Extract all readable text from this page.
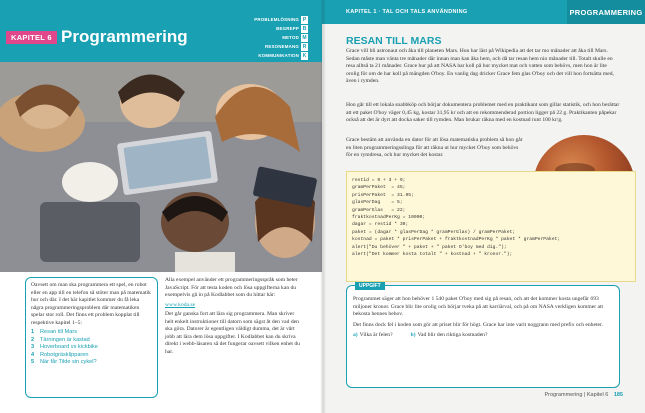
KAPITEL 6 Programmering
PROBLEMLÖSNING P
BEGREPP B
METOD M
RESONEMANG R
KOMMUNIKATION K
Oavsett om man ska programmera ett spel, en robot eller en app till en telefon så stöter man på matematik hur och där. I det här kapitlet kommer du få leka några programmeringsproblem där matematiken spelar stor roll. Det finns ett problem kopplat till respektive kapitel 1–5:
1 Resan till Mars
2 Tärningen är kastad
3 Hoverboard vs kickbike
4 Robotgräsklipparen
5 När får Tilde sin cykel?

Alla exempel använder ett programmeringsspråk som heter JavaScript. För att testa koden och lösa uppgifterna kan du exempelvis gå in på Kodlabbet som du hittar här:

www.koda.se

Det går ganska fort att lära sig programmera. Man skriver helt enkelt instruktioner till datorn som sägst åt den vad den ska göra. Datorer är egentligen väldigt dumma, det är vårt jobb att lära dem lösa uppgifter. I Kodlabbet kan du skriva direkt i webb-läsaren så det fungerar oavsett vilken enhet du har.

KAPITEL 1 · TAL OCH TALS ANVÄNDNING	PROGRAMMERING
RESAN TILL MARS
Grace vill bli astronaut och åka till planeten Mars. Hon har läst på Wikipedia att det tar mo månader att åka till Mars. Sedan måste man vänta tre månader där innan man kan åka hem, och då tar resan hem nio månader till. Totalt skulle en resa alltså ta 21 månader. Grace hur på att NASA har koll på hur mycket mat och vatten som behövs, men hon är lite orolig för om de har koll på mängden O'boy. En vanlig dag dricker Grace fem glas O'boy och det vill hon fortsätta med, även i rymden.
Hon går till ett lokala snabbköp och börjar dokumentera problemet med en praktikant som gillar statistik, och hon berättar att ett paket O'boy väger 0,45 kg, kostar 31,95 kr och att en rekommenderad portion ligger på 22 g. Praktikanten påpekar också att det är dyrt att docka saker till rymden. Man brukar räkna med en kostnad runt 100 kr/g.
Grace bestäm att använda en dator för att lösa matematiska problem så hon går en liten programmeringsslinga för att räkna ut hur mycket O'boy som behövs för en rymdresa, och hur mycket det kostar.
restid = 9 + 3 + 9;
gramPerPaket  = 45;
prisPerPaket  = 31.95;
glasPerDag    = 5;
gramPerGlas   = 22;
fraktkostnadPerKg = 10000;
dagar = restid * 30;
paket = (dagar * glasPerDag * gramPerGlas) / gramPerPaket;
kostnad = paket * prisPerPaket + fraktkostnadPerKg * paket * gramPerPaket;
alert("Du behöver " + paket + " paket O'boy med dig.");
alert("Det kommer kosta totalt " + kostnad + " kronor.");
UPPGIFT
Programmet säger att hon behöver 1 540 paket O'boy med sig på resan, och att det kommer kosta ungefär 693 miljoner kronor. Grace blir lite orolig och börjar tveka på att karriärval, och på om NASA verkligen kommer att bekosta hennes behov.
Det finns dock fel i koden som gör att priset blir för högt. Grace har inte varit noggrann med prefix och enheter.
a) Vilka är felen?	b) Vad blir den riktiga kostnaden?
Programmering | Kapitel 6 185
